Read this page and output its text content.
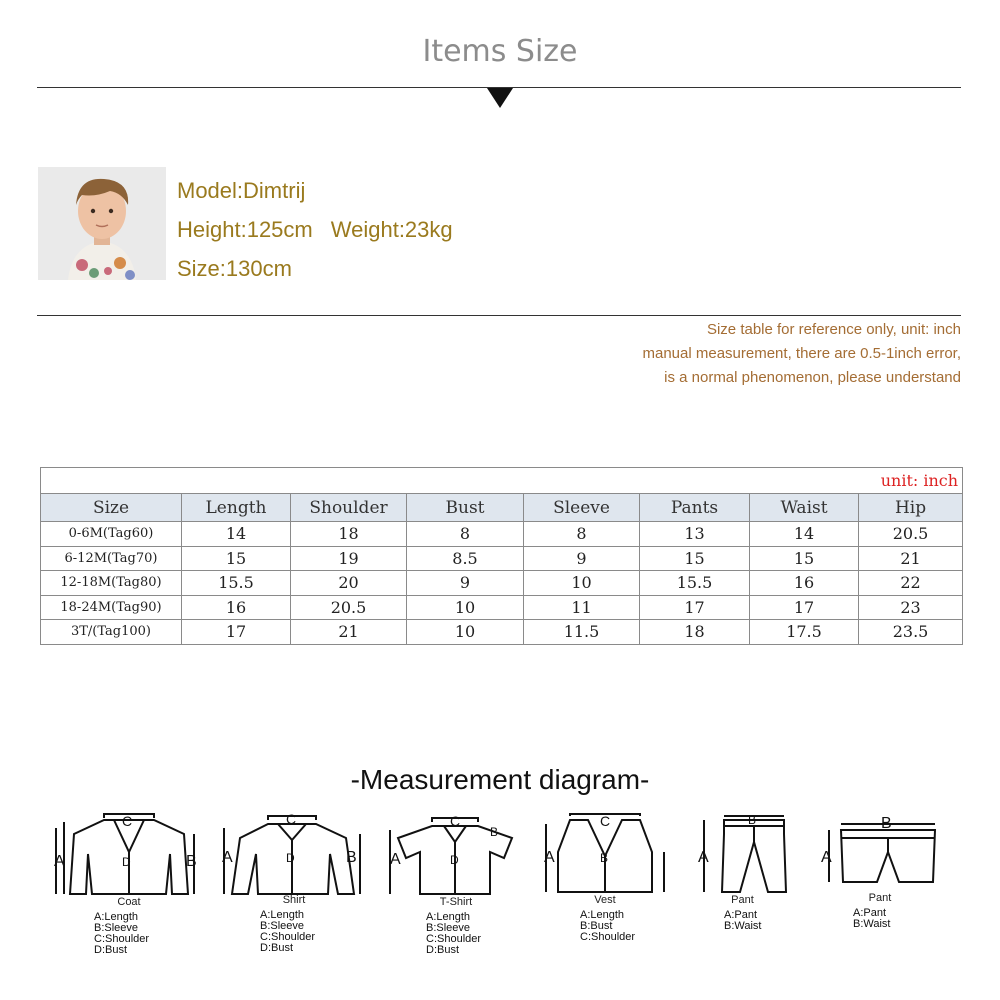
Items Size
Model:Dimtrij
Height:125cm Weight:23kg
Size:130cm
Size table for reference only, unit: inch
manual measurement, there are 0.5-1inch error,
is a normal phenomenon, please understand
unit: inch							
Size	Length	Shoulder	Bust	Sleeve	Pants	Waist	Hip
0-6M(Tag60)	14	18	8	8	13	14	20.5
6-12M(Tag70)	15	19	8.5	9	15	15	21
12-18M(Tag80)	15.5	20	9	10	15.5	16	22
18-24M(Tag90)	16	20.5	10	11	17	17	23
3T/(Tag100)	17	21	10	11.5	18	17.5	23.5
-Measurement diagram-
A	B
C
D
Coat
A:Length
B:Sleeve
C:Shoulder
D:Bust
A	B
C
D
Shirt
A:Length
B:Sleeve
C:Shoulder
D:Bust
A
B
C
D
T-Shirt
A:Length
B:Sleeve
C:Shoulder
D:Bust
A	B
C
Vest
A:Length
B:Bust
C:Shoulder
A
B
Pant
A:Pant
B:Waist
A
B
Pant
A:Pant
B:Waist
